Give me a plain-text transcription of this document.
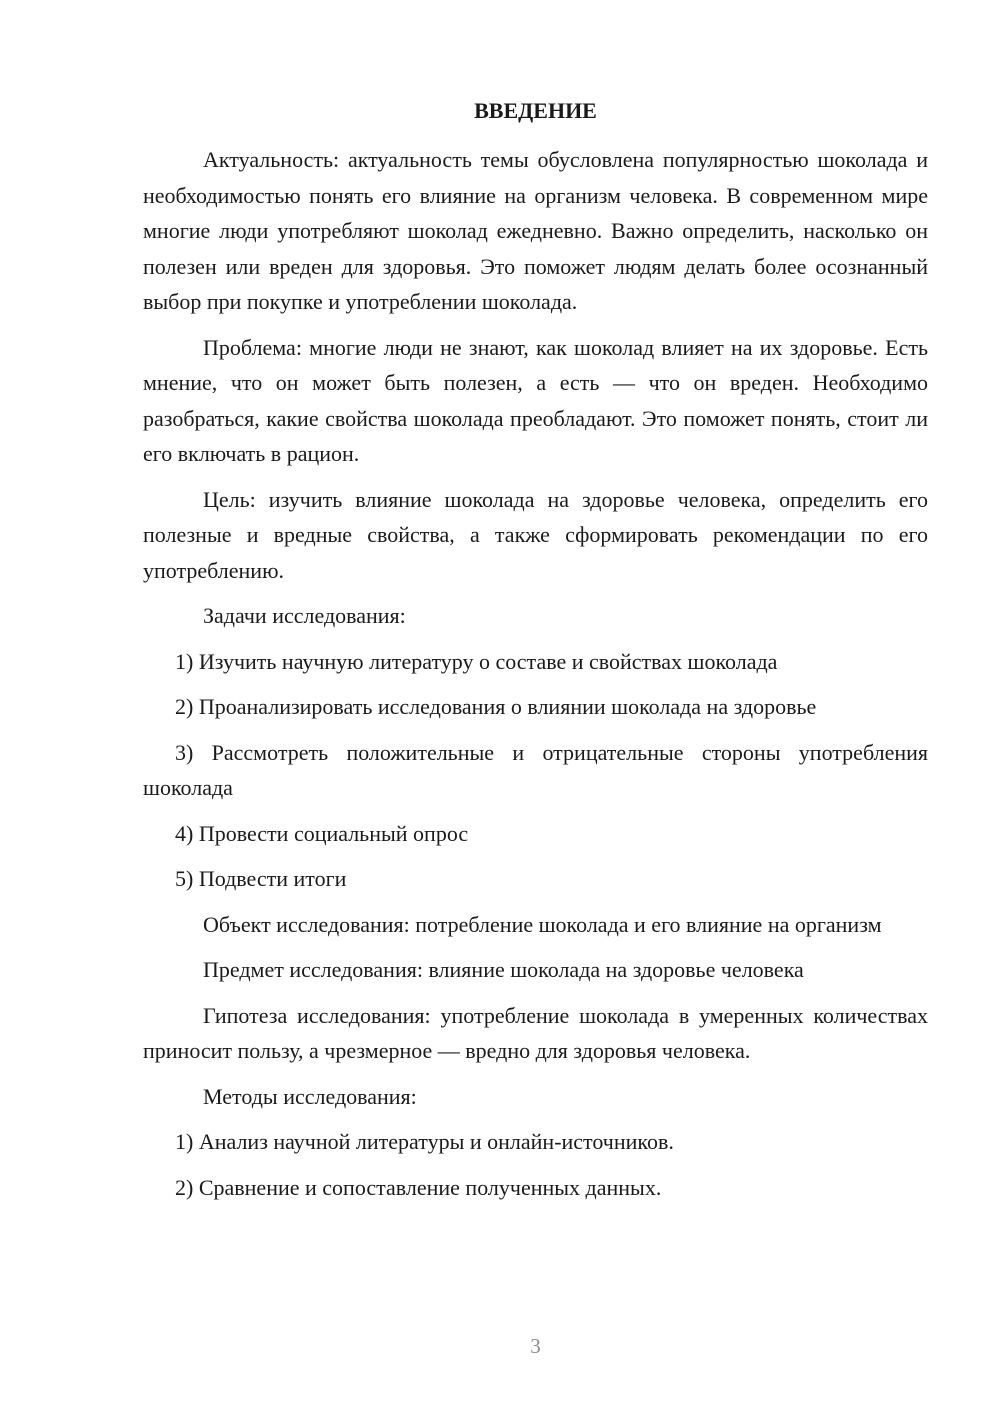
ВВЕДЕНИЕ

Актуальность: актуальность темы обусловлена популярностью шоколада и необходимостью понять его влияние на организм человека. В современном мире многие люди употребляют шоколад ежедневно. Важно определить, насколько он полезен или вреден для здоровья. Это поможет людям делать более осознанный выбор при покупке и употреблении шоколада.

Проблема: многие люди не знают, как шоколад влияет на их здоровье. Есть мнение, что он может быть полезен, а есть — что он вреден. Необходимо разобраться, какие свойства шоколада преобладают. Это поможет понять, стоит ли его включать в рацион.

Цель: изучить влияние шоколада на здоровье человека, определить его полезные и вредные свойства, а также сформировать рекомендации по его употреблению.

Задачи исследования:

1) Изучить научную литературу о составе и свойствах шоколада

2) Проанализировать исследования о влиянии шоколада на здоровье

3) Рассмотреть положительные и отрицательные стороны употребления шоколада

4) Провести социальный опрос

5) Подвести итоги

Объект исследования: потребление шоколада и его влияние на организм

Предмет исследования: влияние шоколада на здоровье человека

Гипотеза исследования: употребление шоколада в умеренных количествах приносит пользу, а чрезмерное — вредно для здоровья человека.

Методы исследования:

1) Анализ научной литературы и онлайн-источников.

2) Сравнение и сопоставление полученных данных.

3
